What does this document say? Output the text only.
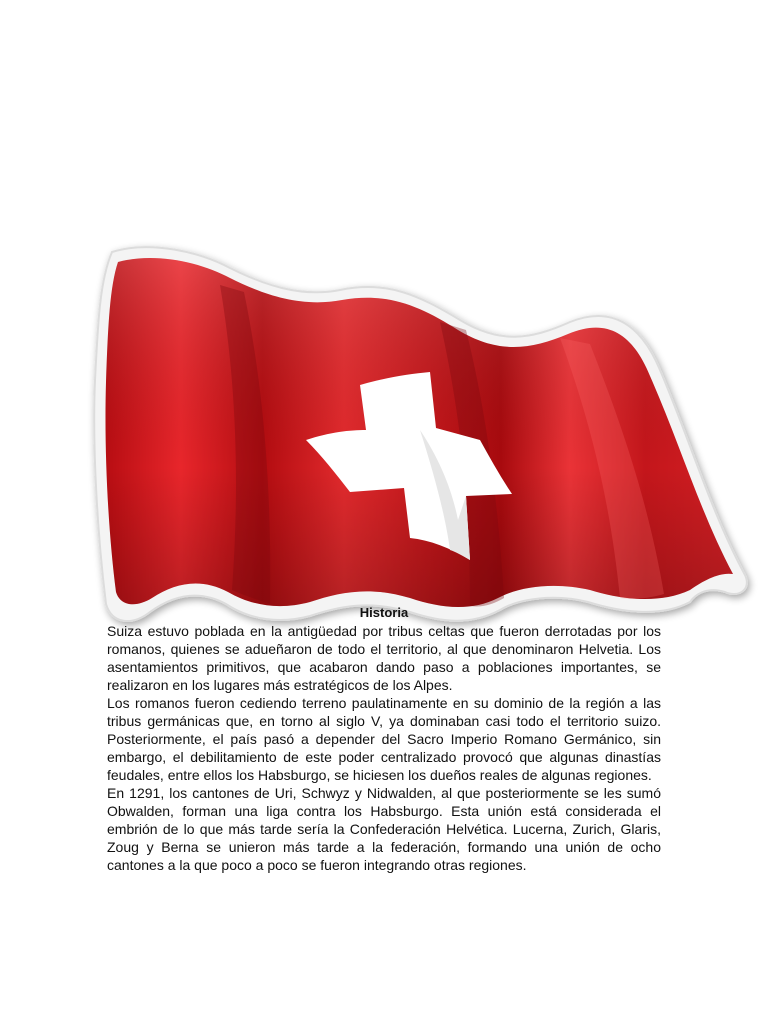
Historia

Suiza estuvo poblada en la antigüedad por tribus celtas que fueron derrotadas por los romanos, quienes se adueñaron de todo el territorio, al que denominaron Helvetia. Los asentamientos primitivos, que acabaron dando paso a poblaciones importantes, se realizaron en los lugares más estratégicos de los Alpes.

Los romanos fueron cediendo terreno paulatinamente en su dominio de la región a las tribus germánicas que, en torno al siglo V, ya dominaban casi todo el territorio suizo. Posteriormente, el país pasó a depender del Sacro Imperio Romano Germánico, sin embargo, el debilitamiento de este poder centralizado provocó que algunas dinastías feudales, entre ellos los Habsburgo, se hiciesen los dueños reales de algunas regiones.

En 1291, los cantones de Uri, Schwyz y Nidwalden, al que posteriormente se les sumó Obwalden, forman una liga contra los Habsburgo. Esta unión está considerada el embrión de lo que más tarde sería la Confederación Helvética. Lucerna, Zurich, Glaris, Zoug y Berna se unieron más tarde a la federación, formando una unión de ocho cantones a la que poco a poco se fueron integrando otras regiones.
